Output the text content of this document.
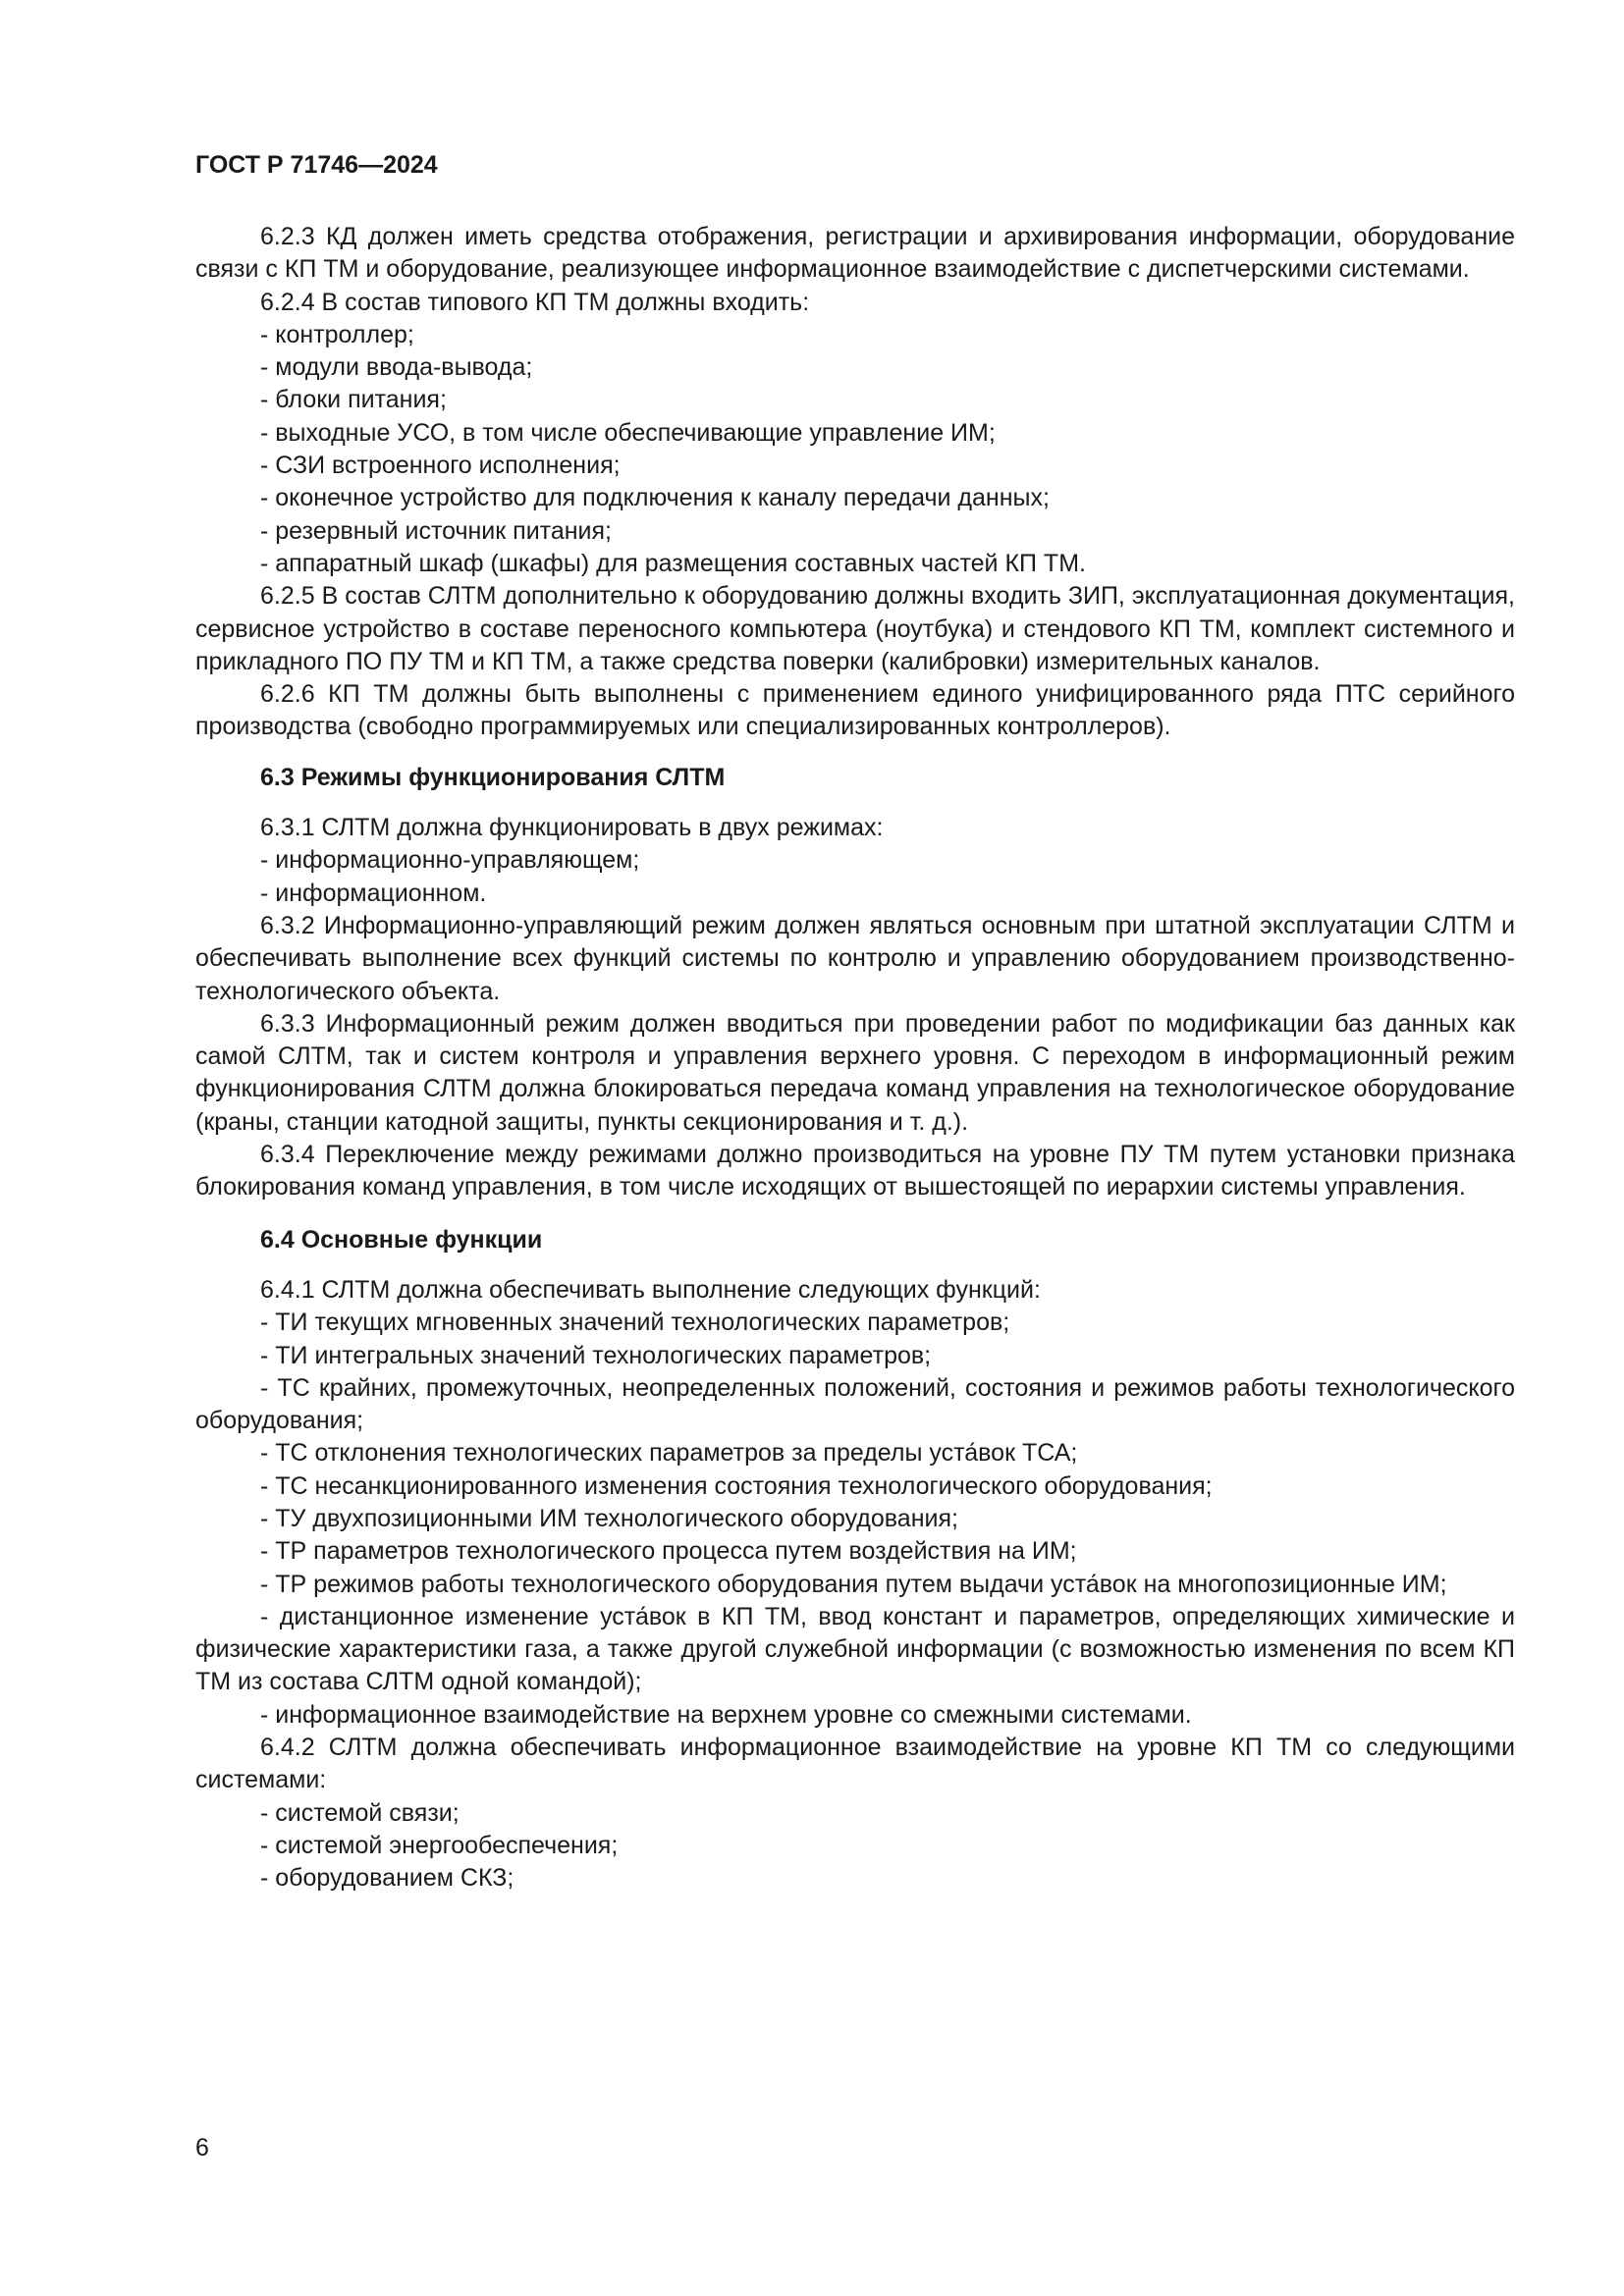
ГОСТ Р 71746—2024

6.2.3 КД должен иметь средства отображения, регистрации и архивирования информации, оборудование связи с КП ТМ и оборудование, реализующее информационное взаимодействие с диспетчерскими системами.

6.2.4 В состав типового КП ТМ должны входить:

- контроллер;

- модули ввода-вывода;

- блоки питания;

- выходные УСО, в том числе обеспечивающие управление ИМ;

- СЗИ встроенного исполнения;

- оконечное устройство для подключения к каналу передачи данных;

- резервный источник питания;

- аппаратный шкаф (шкафы) для размещения составных частей КП ТМ.

6.2.5 В состав СЛТМ дополнительно к оборудованию должны входить ЗИП, эксплуатационная документация, сервисное устройство в составе переносного компьютера (ноутбука) и стендового КП ТМ, комплект системного и прикладного ПО ПУ ТМ и КП ТМ, а также средства поверки (калибровки) измерительных каналов.

6.2.6 КП ТМ должны быть выполнены с применением единого унифицированного ряда ПТС серийного производства (свободно программируемых или специализированных контроллеров).

6.3 Режимы функционирования СЛТМ

6.3.1 СЛТМ должна функционировать в двух режимах:

- информационно-управляющем;

- информационном.

6.3.2 Информационно-управляющий режим должен являться основным при штатной эксплуатации СЛТМ и обеспечивать выполнение всех функций системы по контролю и управлению оборудованием производственно-технологического объекта.

6.3.3 Информационный режим должен вводиться при проведении работ по модификации баз данных как самой СЛТМ, так и систем контроля и управления верхнего уровня. С переходом в информационный режим функционирования СЛТМ должна блокироваться передача команд управления на технологическое оборудование (краны, станции катодной защиты, пункты секционирования и т. д.).

6.3.4 Переключение между режимами должно производиться на уровне ПУ ТМ путем установки признака блокирования команд управления, в том числе исходящих от вышестоящей по иерархии системы управления.

6.4 Основные функции

6.4.1 СЛТМ должна обеспечивать выполнение следующих функций:

- ТИ текущих мгновенных значений технологических параметров;

- ТИ интегральных значений технологических параметров;

- ТС крайних, промежуточных, неопределенных положений, состояния и режимов работы технологического оборудования;

- ТС отклонения технологических параметров за пределы уста́вок ТСА;

- ТС несанкционированного изменения состояния технологического оборудования;

- ТУ двухпозиционными ИМ технологического оборудования;

- ТР параметров технологического процесса путем воздействия на ИМ;

- ТР режимов работы технологического оборудования путем выдачи уста́вок на многопозиционные ИМ;

- дистанционное изменение уста́вок в КП ТМ, ввод констант и параметров, определяющих химические и физические характеристики газа, а также другой служебной информации (с возможностью изменения по всем КП ТМ из состава СЛТМ одной командой);

- информационное взаимодействие на верхнем уровне со смежными системами.

6.4.2 СЛТМ должна обеспечивать информационное взаимодействие на уровне КП ТМ со следующими системами:

- системой связи;

- системой энергообеспечения;

- оборудованием СКЗ;

6
